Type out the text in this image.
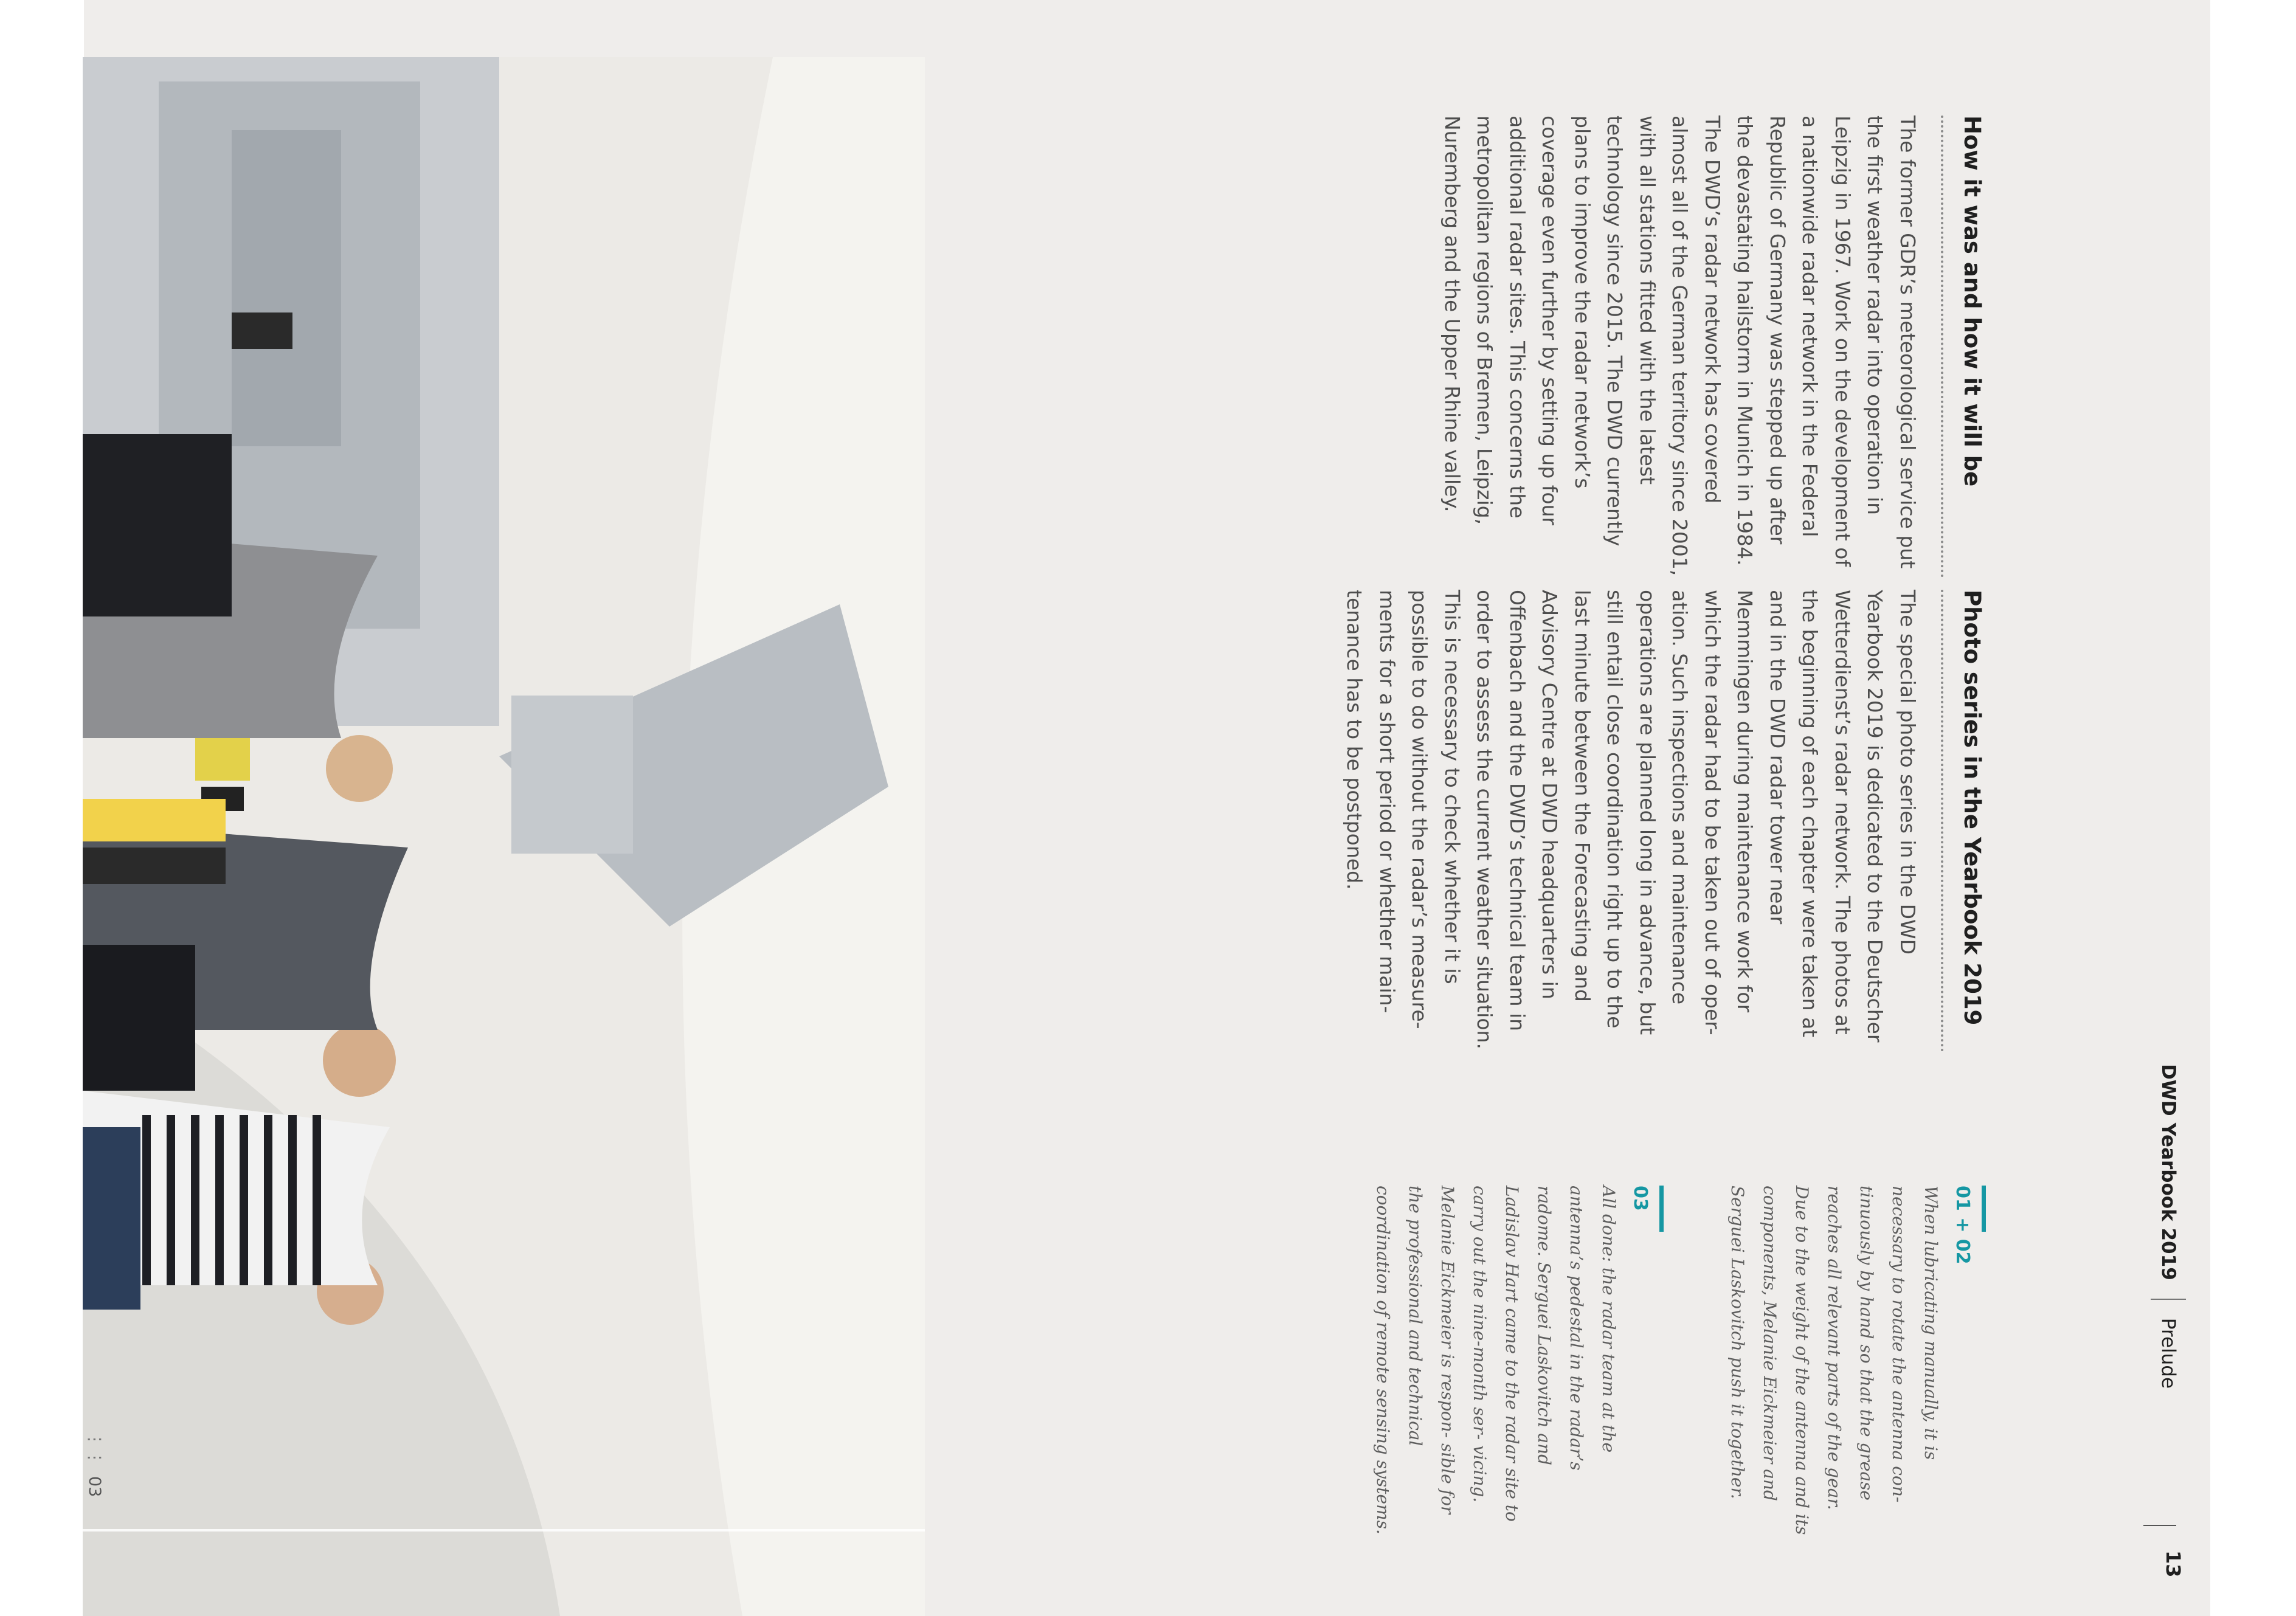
DWD Yearbook 2019
Prelude
13
01 + 02

When lubricating manually, it is necessary to rotate the antenna con- tinuously by hand so that the grease reaches all relevant parts of the gear. Due to the weight of the antenna and its components, Melanie Eickmeier and Serguei Laskovitch push it together.

03

All done: the radar team at the antenna’s pedestal in the radar’s radome. Serguei Laskovitch and Ladislav Hart came to the radar site to carry out the nine-month ser- vicing. Melanie Eickmeier is respon- sible for the professional and technical coordination of remote sensing systems.

Photo series in the Yearbook 2019

The special photo series in the DWD Yearbook 2019 is dedicated to the Deutscher Wetterdienst’s radar network. The photos at the beginning of each chapter were taken at and in the DWD radar tower near Memmingen during maintenance work for which the radar had to be taken out of oper- ation. Such inspections and maintenance operations are planned long in advance, but still entail close coordination right up to the last minute between the Forecasting and Advisory Centre at DWD headquarters in Offenbach and the DWD’s technical team in order to assess the current weather situation. This is necessary to check whether it is possible to do without the radar’s measure- ments for a short period or whether main- tenance has to be postponed.

How it was and how it will be

The former GDR’s meteorological service put the first weather radar into operation in Leipzig in 1967. Work on the development of a nationwide radar network in the Federal Republic of Germany was stepped up after the devastating hailstorm in Munich in 1984. The DWD’s radar network has covered almost all of the German territory since 2001, with all stations fitted with the latest technology since 2015. The DWD currently plans to improve the radar network’s coverage even further by setting up four additional radar sites. This concerns the metropolitan regions of Bremen, Leipzig, Nuremberg and the Upper Rhine valley.

⋮⋮
03
